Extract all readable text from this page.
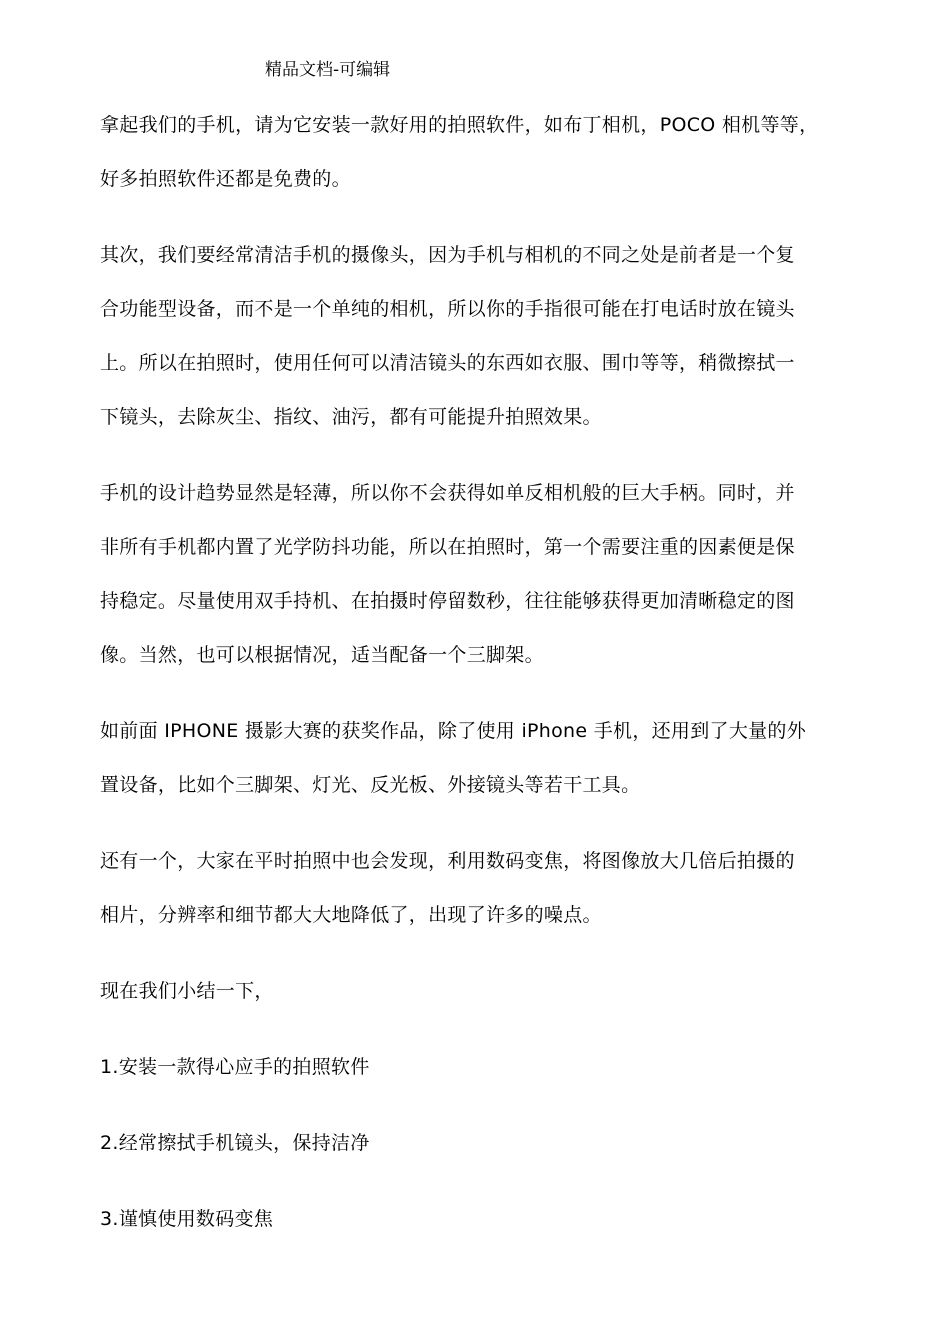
精品文档-可编辑

拿起我们的手机，请为它安装一款好用的拍照软件，如布丁相机，POCO 相机等等，
好多拍照软件还都是免费的。

其次，我们要经常清洁手机的摄像头，因为手机与相机的不同之处是前者是一个复
合功能型设备，而不是一个单纯的相机，所以你的手指很可能在打电话时放在镜头
上。所以在拍照时，使用任何可以清洁镜头的东西如衣服、围巾等等，稍微擦拭一
下镜头，去除灰尘、指纹、油污，都有可能提升拍照效果。

手机的设计趋势显然是轻薄，所以你不会获得如单反相机般的巨大手柄。同时，并
非所有手机都内置了光学防抖功能，所以在拍照时，第一个需要注重的因素便是保
持稳定。尽量使用双手持机、在拍摄时停留数秒，往往能够获得更加清晰稳定的图
像。当然，也可以根据情况，适当配备一个三脚架。

如前面 IPHONE 摄影大赛的获奖作品，除了使用 iPhone 手机，还用到了大量的外
置设备，比如个三脚架、灯光、反光板、外接镜头等若干工具。

还有一个，大家在平时拍照中也会发现，利用数码变焦，将图像放大几倍后拍摄的
相片，分辨率和细节都大大地降低了，出现了许多的噪点。

现在我们小结一下，

1.安装一款得心应手的拍照软件

2.经常擦拭手机镜头，保持洁净

3.谨慎使用数码变焦
